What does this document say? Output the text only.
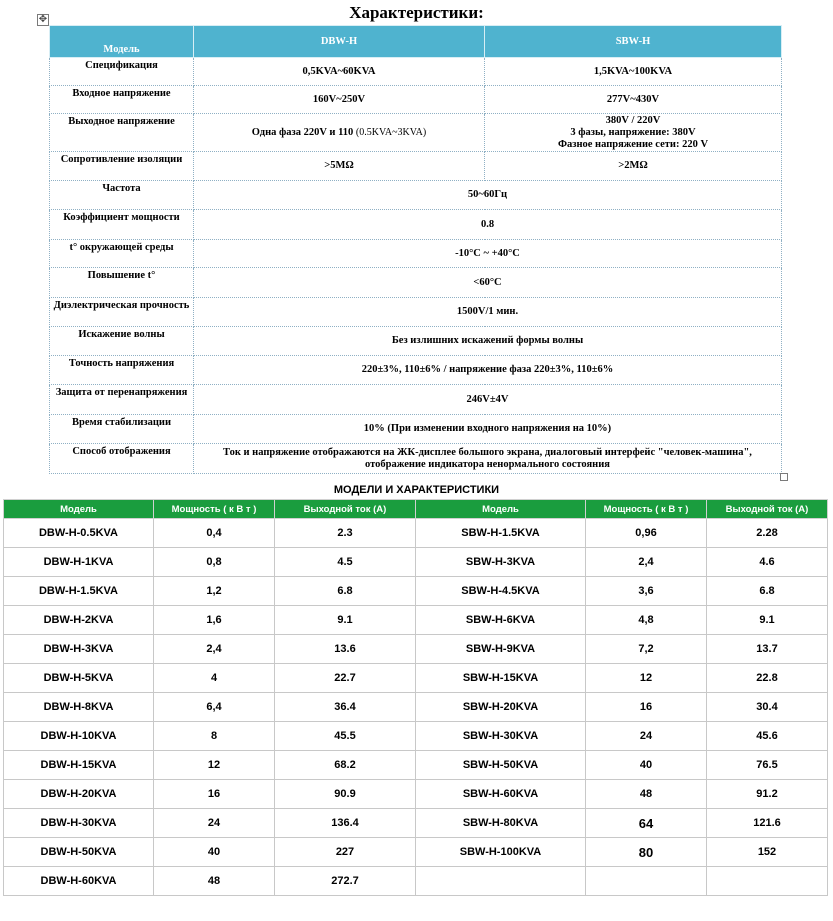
✥	Характеристики:
Модель	DBW-H	SBW-H
Спецификация	0,5KVA~60KVA	1,5KVA~100KVA
Входное напряжение	160V~250V	277V~430V
Выходное напряжение	Одна фаза 220V и 110 (0.5KVA~3KVA)	380V / 220V
3 фазы, напряжение: 380V
Фазное напряжение сети: 220 V

Сопротивление изоляции	>5MΩ	>2MΩ
Частота	50~60Гц	
Коэффициент мощности	0.8	
t° окружающей среды	-10°C ~ +40°C	
Повышение t°	<60°C	
Диэлектрическая прочность	1500V/1 мин.	
Искажение волны	Без излишних искажений формы волны	
Точность напряжения	220±3%, 110±6% / напряжение фаза 220±3%, 110±6%	
Защита от перенапряжения	246V±4V	
Время стабилизации	10% (При изменении входного напряжения на 10%)	
Способ отображения	Ток и напряжение отображаются на ЖК-дисплее большого экрана, диалоговый интерфейс "человек-машина", отображение индикатора ненормального состояния	
МОДЕЛИ И ХАРАКТЕРИСТИКИ
Модель	Мощность ( к В т )	Выходной ток (A)	Модель	Мощность ( к В т )	Выходной ток (A)
DBW-H-0.5KVA	0,4	2.3	SBW-H-1.5KVA	0,96	2.28
DBW-H-1KVA	0,8	4.5	SBW-H-3KVA	2,4	4.6
DBW-H-1.5KVA	1,2	6.8	SBW-H-4.5KVA	3,6	6.8
DBW-H-2KVA	1,6	9.1	SBW-H-6KVA	4,8	9.1
DBW-H-3KVA	2,4	13.6	SBW-H-9KVA	7,2	13.7
DBW-H-5KVA	4	22.7	SBW-H-15KVA	12	22.8
DBW-H-8KVA	6,4	36.4	SBW-H-20KVA	16	30.4
DBW-H-10KVA	8	45.5	SBW-H-30KVA	24	45.6
DBW-H-15KVA	12	68.2	SBW-H-50KVA	40	76.5
DBW-H-20KVA	16	90.9	SBW-H-60KVA	48	91.2
DBW-H-30KVA	24	136.4	SBW-H-80KVA	64	121.6
DBW-H-50KVA	40	227	SBW-H-100KVA	80	152
DBW-H-60KVA	48	272.7			
